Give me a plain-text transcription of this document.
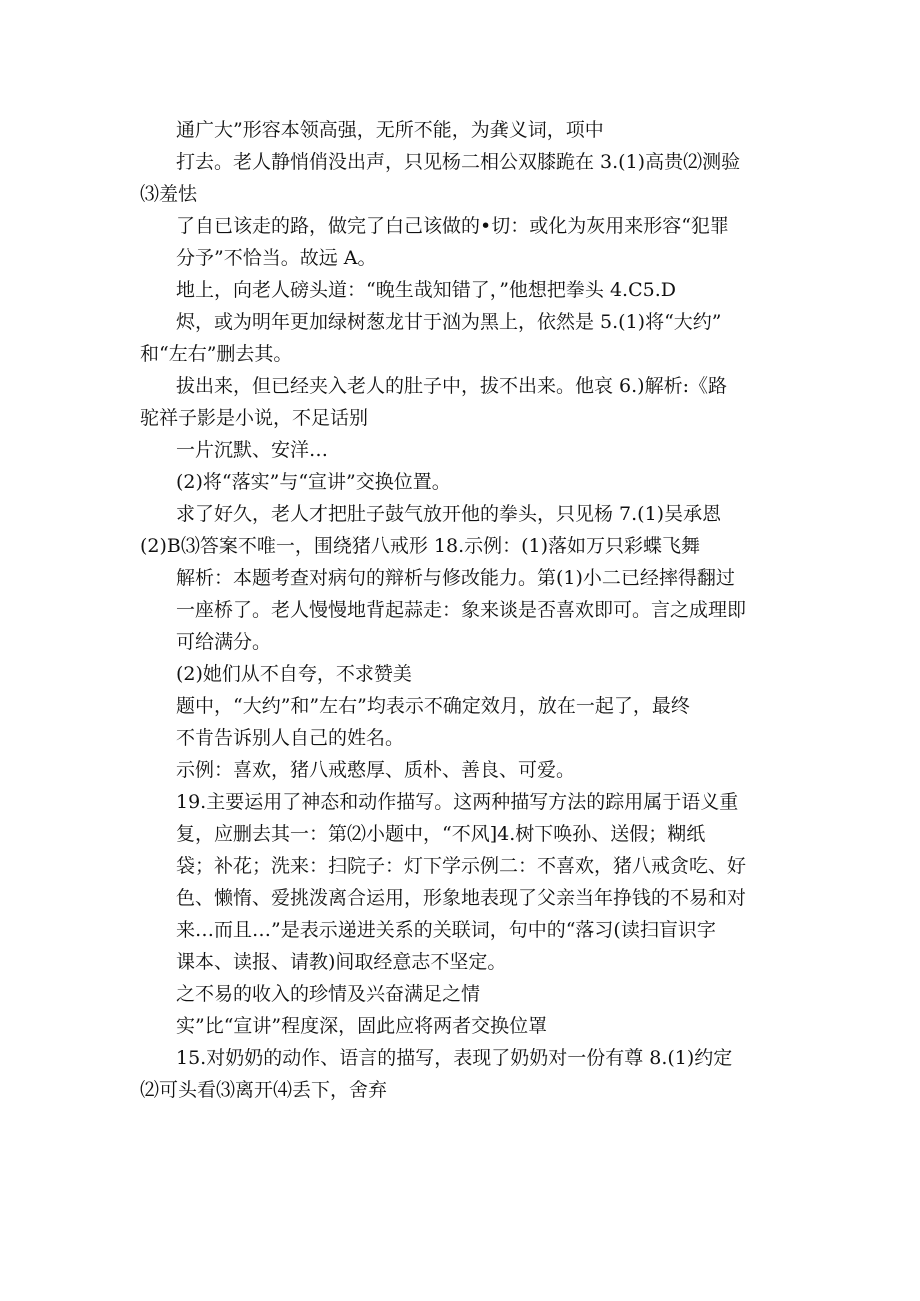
通广大”形容本领高强，无所不能，为龚义词，项中
打去。老人静悄俏没出声，只见杨二相公双膝跪在 3.(1)高贵⑵测验
⑶羞怯
了自已该走的路，做完了白己该做的•切：或化为灰用来形容“犯罪
分予”不恰当。故远 A。
地上，向老人磅头道：“晚生哉知错了，”他想把拳头 4.C5.D
烬，或为明年更加绿树葱龙甘于汹为黑上，依然是 5.(1)将“大约”
和“左右”删去其。
拔出来，但已经夹入老人的肚子中，拔不出来。他哀 6.)解析:《路
驼祥子影是小说，不足话别
一片沉默、安洋…
(2)将“落实”与“宣讲”交换位置。
求了好久，老人才把肚子鼓气放开他的拳头，只见杨 7.(1)吴承恩
(2)B⑶答案不唯一，围绕猪八戒形 18.示例：(1)落如万只彩蝶飞舞
解析：本题考查对病句的辩析与修改能力。第(1)小二已经摔得翻过
一座桥了。老人慢慢地背起蒜走：象来谈是否喜欢即可。言之成理即
可给满分。
(2)她们从不自夸，不求赞美
题中，“大约”和”左右”均表示不确定效月，放在一起了，最终
不肯告诉别人自己的姓名。
示例：喜欢，猪八戒憨厚、质朴、善良、可爱。
19.主要运用了神态和动作描写。这两种描写方法的踪用属于语义重
复，应删去其一：第⑵小题中，“不风]4.树下唤孙、送假；糊纸
袋；补花；洗来：扫院子：灯下学示例二：不喜欢，猪八戒贪吃、好
色、懒惰、爱挑泼离合运用，形象地表现了父亲当年挣钱的不易和对
来…而且…”是表示递进关系的关联词，句中的“落习(读扫盲识字
课本、读报、请教)间取经意志不坚定。
之不易的收入的珍情及兴奋满足之情
实”比“宣讲”程度深，固此应将两者交换位罩
15.对奶奶的动作、语言的描写，表现了奶奶对一份有尊 8.(1)约定
⑵可头看⑶离开⑷丢下，舍弃
